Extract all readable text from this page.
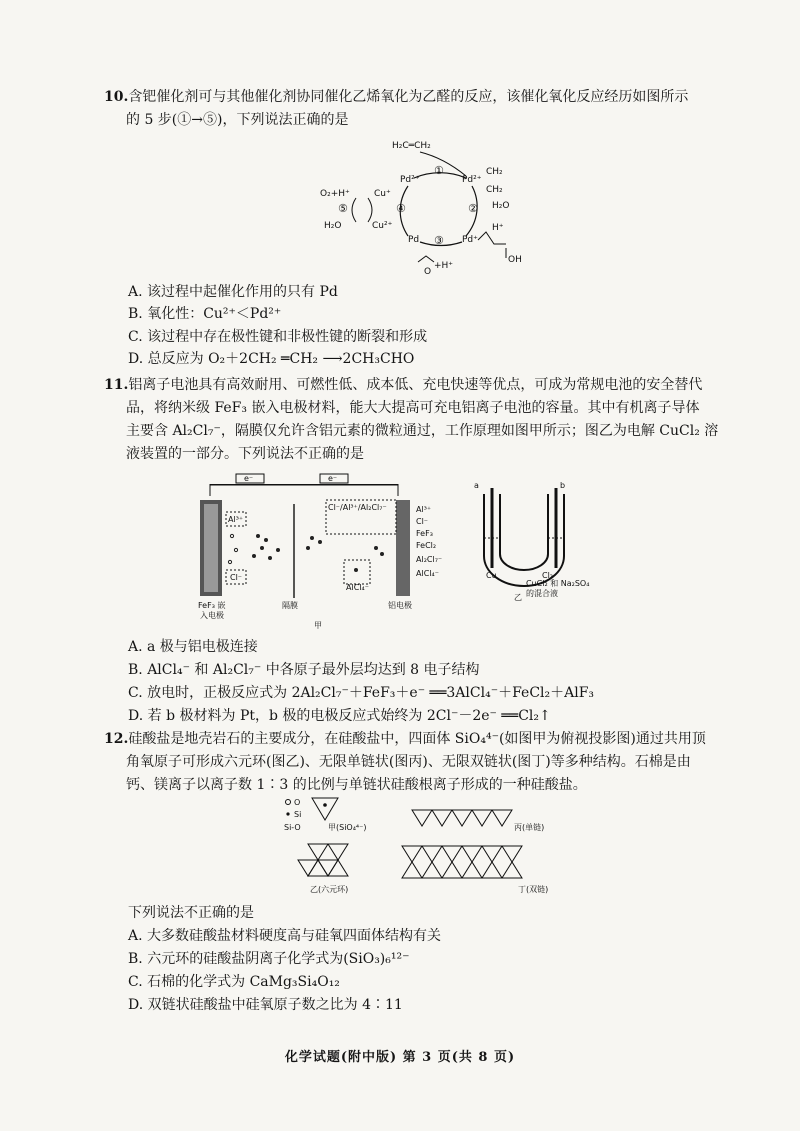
10.含钯催化剂可与其他催化剂协同催化乙烯氧化为乙醛的反应，该催化氧化反应经历如图所示
的 5 步(①→⑤)，下列说法正确的是
H₂C═CH₂
Pd²⁺	Pd²⁺
CH₂
CH₂
①
②
③
④
⑤	H₂O
H⁺
Pd⁺
Pd
OH
O
+H⁺
O₂+H⁺
H₂O
Cu⁺
Cu²⁺
A. 该过程中起催化作用的只有 Pd
B. 氧化性：Cu²⁺＜Pd²⁺
C. 该过程中存在极性键和非极性键的断裂和形成
D. 总反应为 O₂＋2CH₂ ═CH₂ ⟶2CH₃CHO
11.铝离子电池具有高效耐用、可燃性低、成本低、充电快速等优点，可成为常规电池的安全替代
品，将纳米级 FeF₃ 嵌入电极材料，能大大提高可充电铝离子电池的容量。其中有机离子导体
主要含 Al₂Cl₇⁻，隔膜仅允许含铝元素的微粒通过，工作原理如图甲所示；图乙为电解 CuCl₂ 溶
液装置的一部分。下列说法不正确的是
e⁻	e⁻
Al³⁺
Cl⁻
Cl⁻/Al³⁺/Al₂Cl₇⁻
AlCl₄⁻
Al³⁺
Cl⁻
FeF₃
FeCl₂
Al₂Cl₇⁻
AlCl₄⁻
FeF₃ 嵌
入电极
隔膜	铝电极
甲
a	b
Cu	Cl₂
CuCl₂ 和 Na₂SO₄
的混合液
乙
A. a 极与铝电极连接
B. AlCl₄⁻ 和 Al₂Cl₇⁻ 中各原子最外层均达到 8 电子结构
C. 放电时，正极反应式为 2Al₂Cl₇⁻＋FeF₃＋e⁻ ══3AlCl₄⁻＋FeCl₂＋AlF₃
D. 若 b 极材料为 Pt，b 极的电极反应式始终为 2Cl⁻－2e⁻ ══Cl₂↑
12.硅酸盐是地壳岩石的主要成分，在硅酸盐中，四面体 SiO₄⁴⁻(如图甲为俯视投影图)通过共用顶
角氧原子可形成六元环(图乙)、无限单链状(图丙)、无限双链状(图丁)等多种结构。石棉是由
钙、镁离子以离子数 1∶3 的比例与单链状硅酸根离子形成的一种硅酸盐。
O
Si
Si-O	甲(SiO₄⁴⁻)	丙(单链)
乙(六元环)	丁(双链)
下列说法不正确的是
A. 大多数硅酸盐材料硬度高与硅氧四面体结构有关
B. 六元环的硅酸盐阴离子化学式为(SiO₃)₆¹²⁻
C. 石棉的化学式为 CaMg₃Si₄O₁₂
D. 双链状硅酸盐中硅氧原子数之比为 4∶11
化学试题(附中版) 第 3 页(共 8 页)
